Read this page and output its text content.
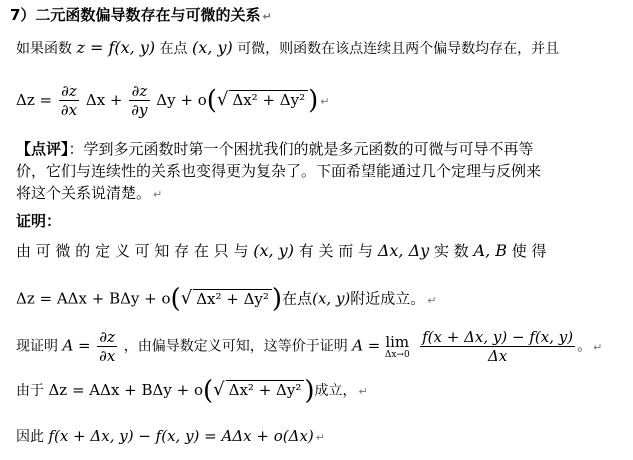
7）二元函数偏导数存在与可微的关系 ↵
如果函数 z = f(x, y) 在点 (x, y) 可微，则函数在该点连续且两个偏导数均存在，并且
$\Delta z = \frac{\partial z}{\partial x}$ $\Delta x + \frac{\partial z}{\partial y}$ Δy + o(√ Δx² + Δy² ) ↵
【点评】：学到多元函数时第一个困扰我们的就是多元函数的可微与可导不再等
价，它们与连续性的关系也变得更为复杂了。下面希望能通过几个定理与反例来
将这个关系说清楚。 ↵
证明：
由 可 微 的 定 义 可 知 存 在 只 与 (x, y) 有 关 而 与 Δx, Δy 实 数 A, B 使 得
Δz = AΔx + BΔy + o(√ Δx² + Δy² )在点(x, y)附近成立。 ↵
现证明 $A = \frac{\partial z}{\partial x}$ ，由偏导数定义可知，这等价于证明 A = lim
Δx→0
$\frac{f(x + \Delta x, y) - f(x, y)}{\Delta x}$ 。 ↵
由于 Δz = AΔx + BΔy + o(√ Δx² + Δy² )成立， ↵
因此 f(x + Δx, y) − f(x, y) = AΔx + o(Δx) ↵
